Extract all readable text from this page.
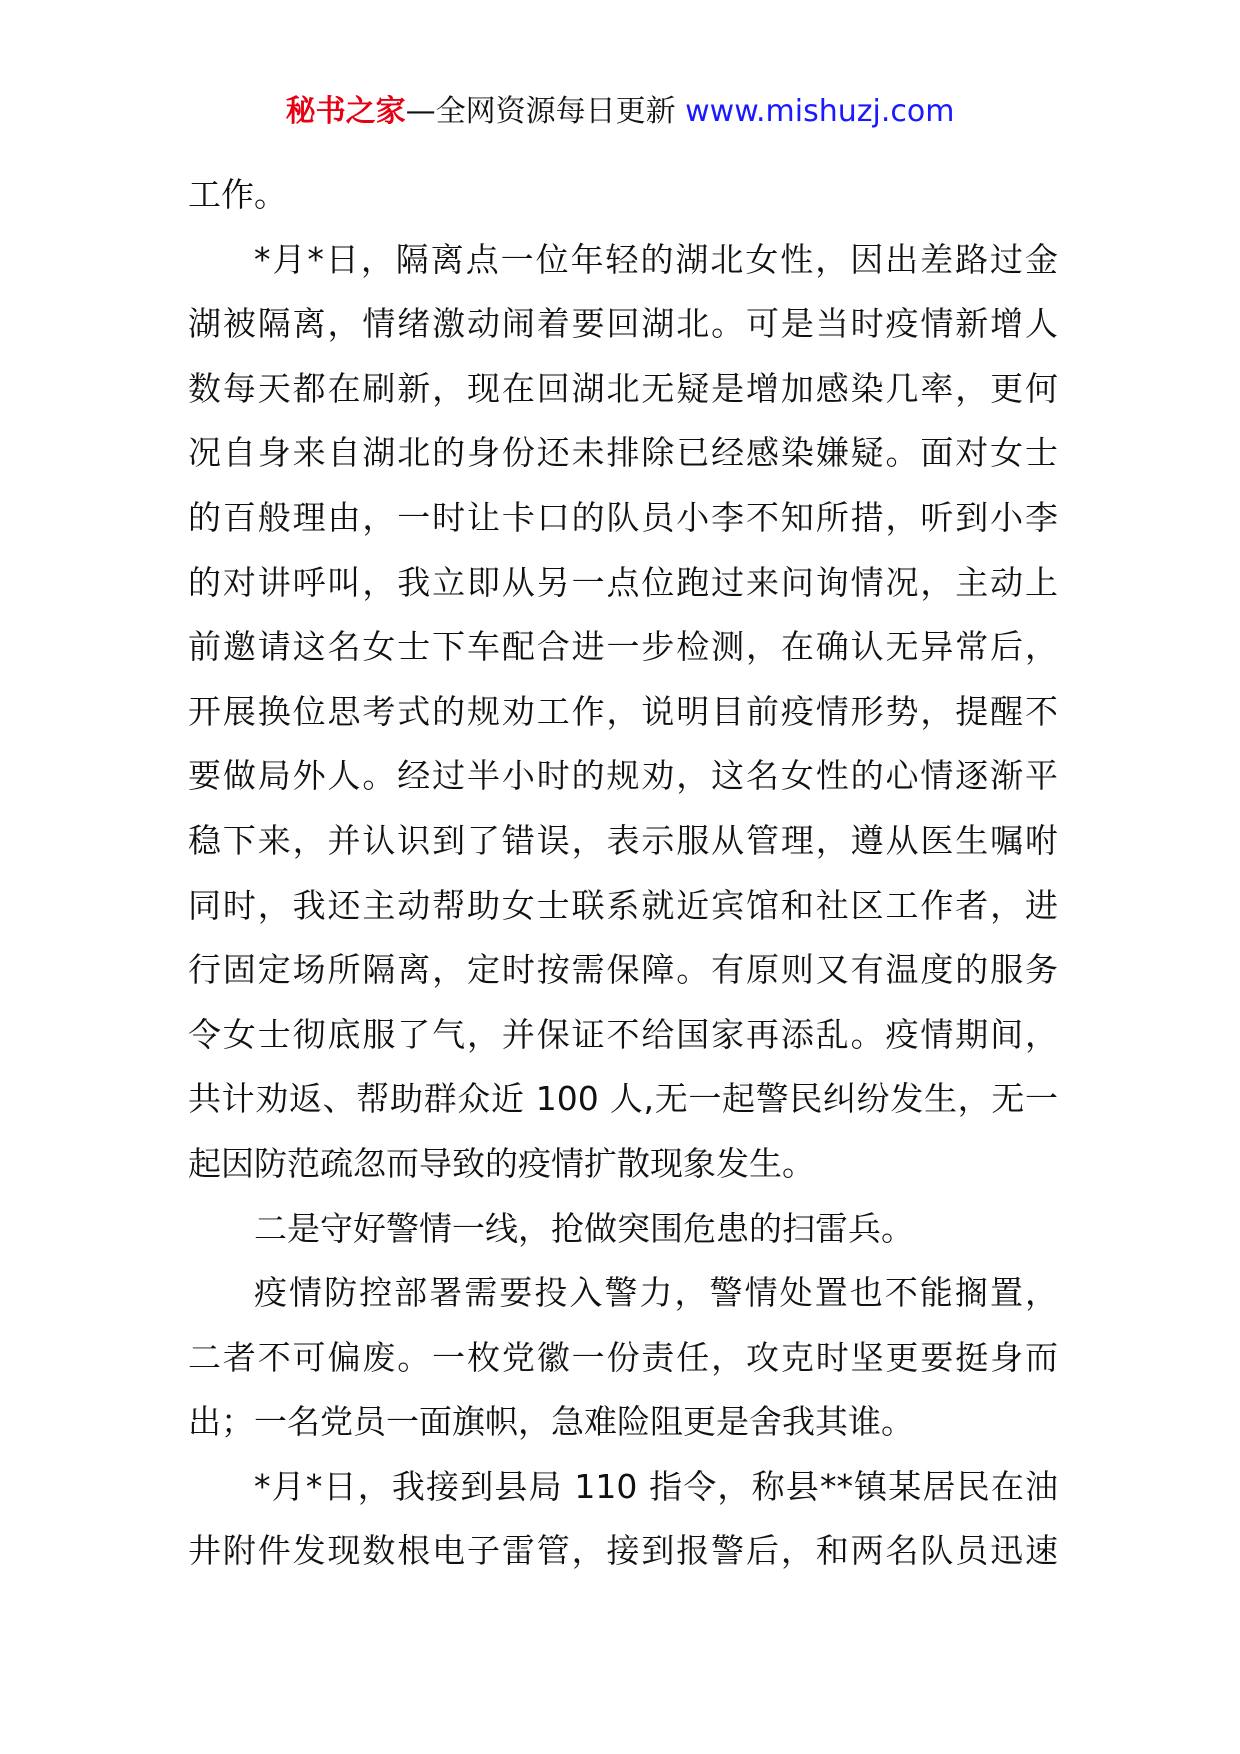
秘书之家—全网资源每日更新 www.mishuzj.com
工作。
*月*日，隔离点一位年轻的湖北女性，因出差路过金
湖被隔离，情绪激动闹着要回湖北。可是当时疫情新增人
数每天都在刷新，现在回湖北无疑是增加感染几率，更何
况自身来自湖北的身份还未排除已经感染嫌疑。面对女士
的百般理由，一时让卡口的队员小李不知所措，听到小李
的对讲呼叫，我立即从另一点位跑过来问询情况，主动上
前邀请这名女士下车配合进一步检测，在确认无异常后，
开展换位思考式的规劝工作，说明目前疫情形势，提醒不
要做局外人。经过半小时的规劝，这名女性的心情逐渐平
稳下来，并认识到了错误，表示服从管理，遵从医生嘱咐
同时，我还主动帮助女士联系就近宾馆和社区工作者，进
行固定场所隔离，定时按需保障。有原则又有温度的服务
令女士彻底服了气，并保证不给国家再添乱。疫情期间，
共计劝返、帮助群众近 100 人,无一起警民纠纷发生，无一
起因防范疏忽而导致的疫情扩散现象发生。
二是守好警情一线，抢做突围危患的扫雷兵。
疫情防控部署需要投入警力，警情处置也不能搁置，
二者不可偏废。一枚党徽一份责任，攻克时坚更要挺身而
出；一名党员一面旗帜，急难险阻更是舍我其谁。
*月*日，我接到县局 110 指令，称县**镇某居民在油
井附件发现数根电子雷管，接到报警后，和两名队员迅速
